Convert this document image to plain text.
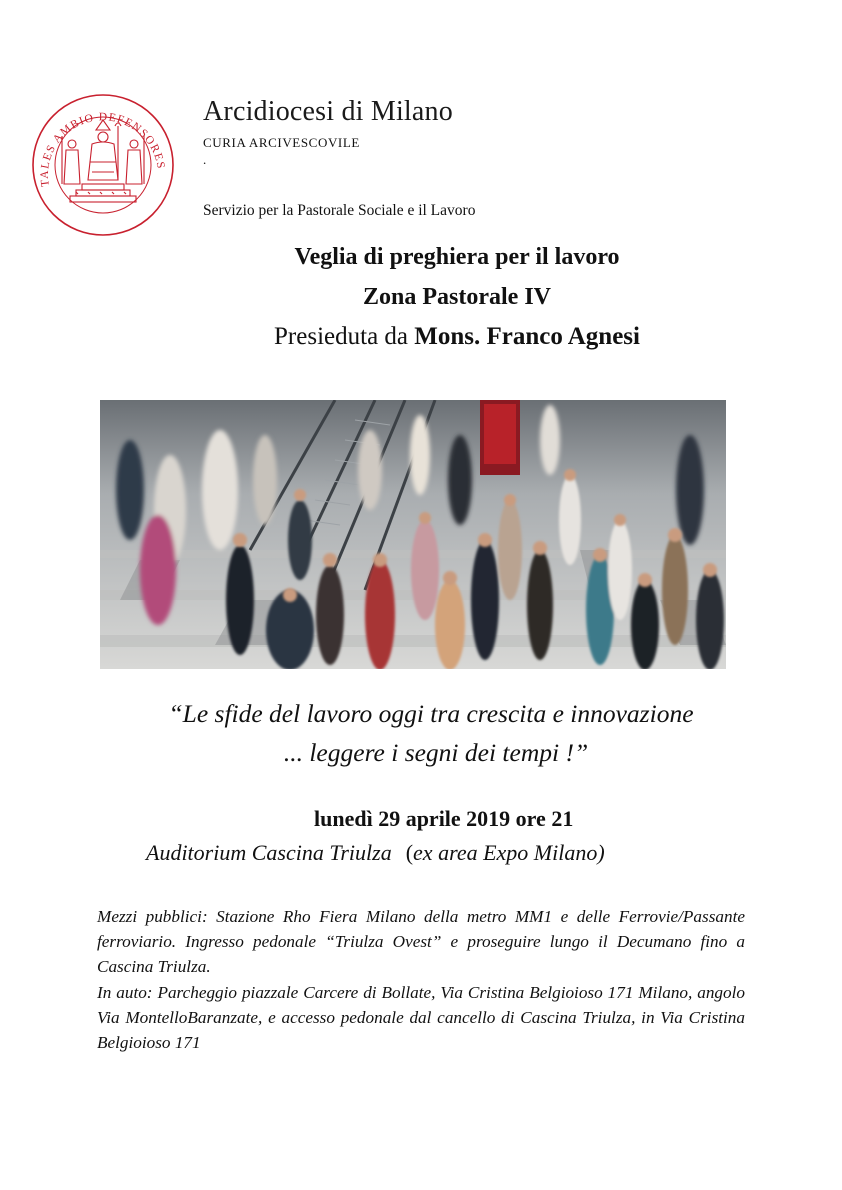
TALES AMBIO DEFENSORES
Arcidiocesi di Milano
CURIA ARCIVESCOVILE
.
Servizio per la Pastorale Sociale e il Lavoro
Veglia di preghiera per il lavoro
Zona Pastorale IV
Presieduta da Mons. Franco Agnesi
“Le sfide del lavoro oggi tra crescita e innovazione
... leggere i segni dei tempi !”
lunedì 29 aprile 2019 ore 21
Auditorium Cascina Triulza (ex area Expo Milano)

Mezzi pubblici: Stazione Rho Fiera Milano della metro MM1 e delle Ferrovie/Passante ferroviario. Ingresso pedonale “Triulza Ovest” e proseguire lungo il Decumano fino a Cascina Triulza.

In auto: Parcheggio piazzale Carcere di Bollate, Via Cristina Belgioioso 171 Milano, angolo Via MontelloBaranzate, e accesso pedonale dal cancello di Cascina Triulza, in Via Cristina Belgioioso 171
